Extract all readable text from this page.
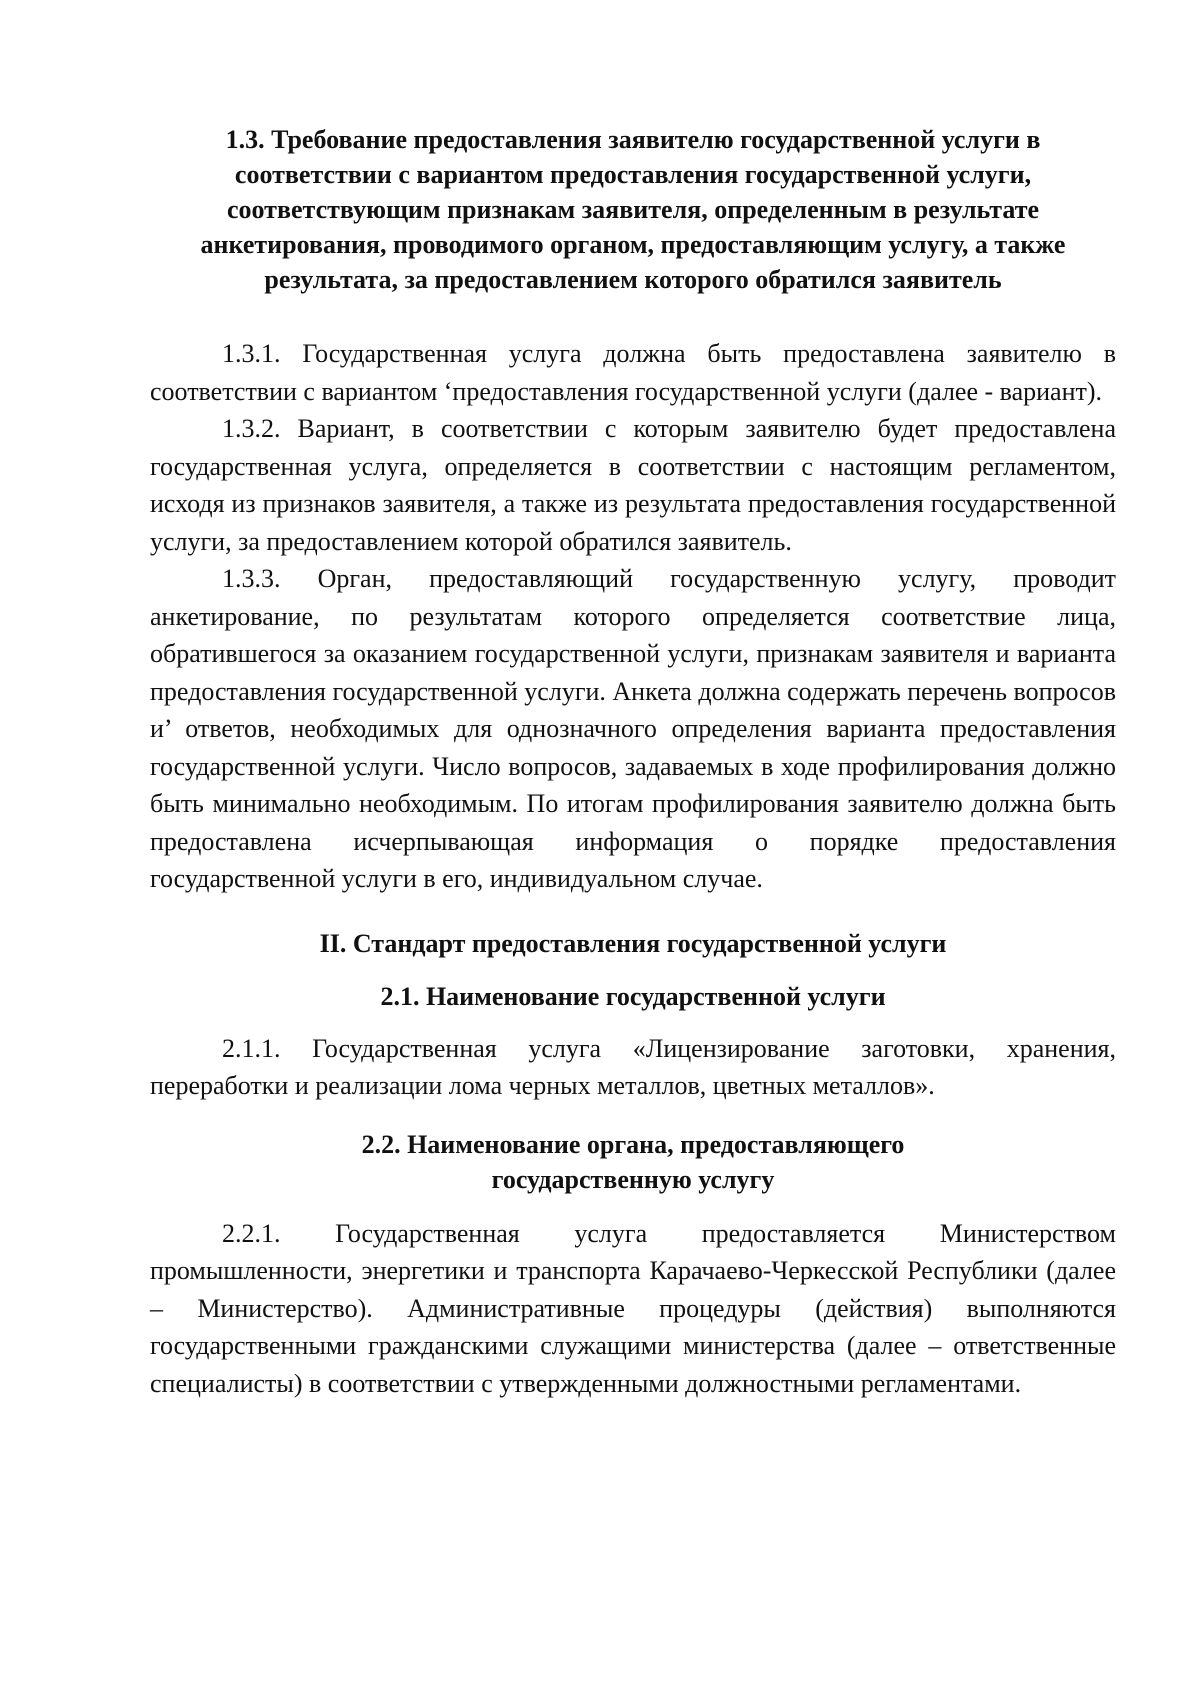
1.3. Требование предоставления заявителю государственной услуги в соответствии с вариантом предоставления государственной услуги, соответствующим признакам заявителя, определенным в результате анкетирования, проводимого органом, предоставляющим услугу, а также результата, за предоставлением которого обратился заявитель

1.3.1. Государственная услуга должна быть предоставлена заявителю в соответствии с вариантом ‘предоставления государственной услуги (далее - вариант).

1.3.2. Вариант, в соответствии с которым заявителю будет предоставлена государственная услуга, определяется в соответствии с настоящим регламентом, исходя из признаков заявителя, а также из результата предоставления государственной услуги, за предоставлением которой обратился заявитель.

1.3.3. Орган, предоставляющий государственную услугу, проводит анкетирование, по результатам которого определяется соответствие лица, обратившегося за оказанием государственной услуги, признакам заявителя и варианта предоставления государственной услуги. Анкета должна содержать перечень вопросов и’ ответов, необходимых для однозначного определения варианта предоставления государственной услуги. Число вопросов, задаваемых в ходе профилирования должно быть минимально необходимым. По итогам профилирования заявителю должна быть предоставлена исчерпывающая информация о порядке предоставления государственной услуги в его, индивидуальном случае.

II. Стандарт предоставления государственной услуги

2.1. Наименование государственной услуги

2.1.1. Государственная услуга «Лицензирование заготовки, хранения, переработки и реализации лома черных металлов, цветных металлов».

2.2. Наименование органа, предоставляющего
государственную услугу

2.2.1. Государственная услуга предоставляется Министерством промышленности, энергетики и транспорта Карачаево-Черкесской Республики (далее – Министерство). Административные процедуры (действия) выполняются государственными гражданскими служащими министерства (далее – ответственные специалисты) в соответствии с утвержденными должностными регламентами.
